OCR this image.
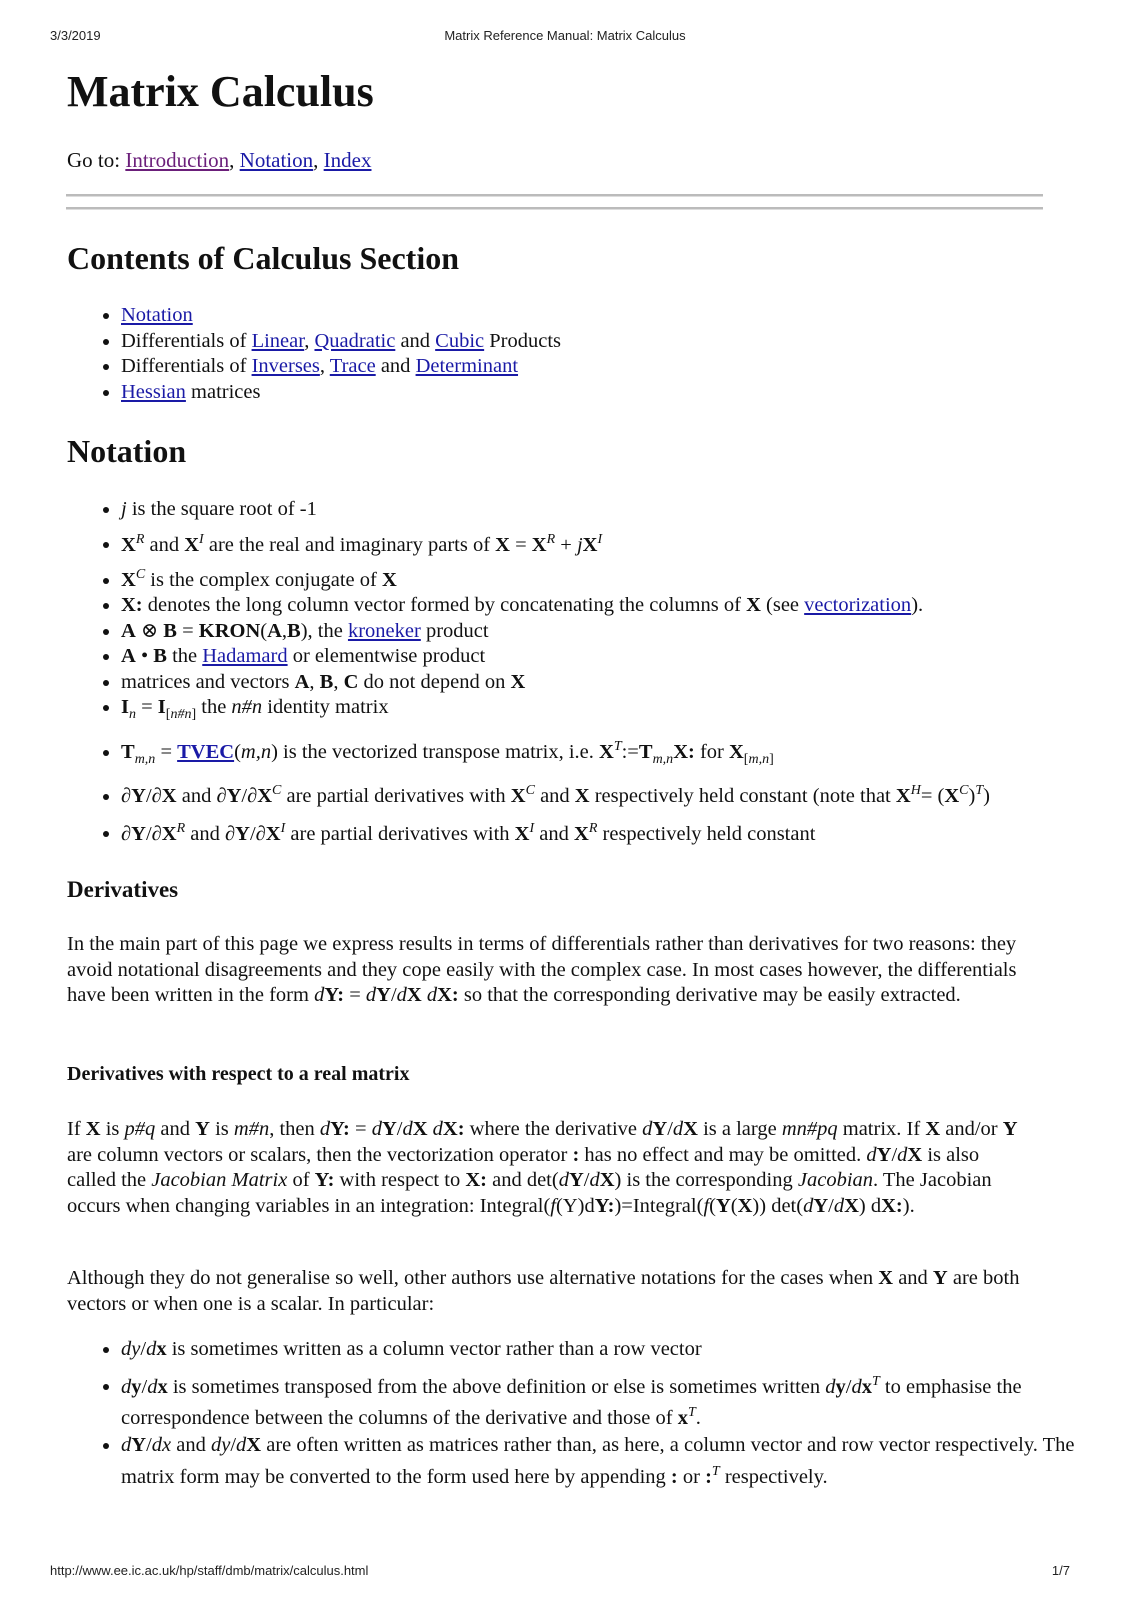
3/3/2019	Matrix Reference Manual: Matrix Calculus
Matrix Calculus

Go to: Introduction, Notation, Index

Contents of Calculus Section
• Notation
• Differentials of Linear, Quadratic and Cubic Products
• Differentials of Inverses, Trace and Determinant
• Hessian matrices
Notation
• j is the square root of -1
• $X^R$ and $X^I$ are the real and imaginary parts of $X = X^R + jX^I$
• $X^C$ is the complex conjugate of X
• X: denotes the long column vector formed by concatenating the columns of X (see vectorization).
• A ⊗ B = KRON(A,B), the kroneker product
• A • B the Hadamard or elementwise product
• matrices and vectors A, B, C do not depend on X
• $I_n = I_{[n\#n]}$ the n#n identity matrix
• $T_{m,n}$ = TVEC(m,n) is the vectorized transpose matrix, i.e. $X^T:=T_{m,n}X$: for $X_{[m,n]}$
• ∂Y/∂X and $\partial Y/\partial X^C$ are partial derivatives with $X^C$ and X respectively held constant (note that $X^H= (X^C)^T$)
• $\partial Y/\partial X^R$ and $\partial Y/\partial X^I$ are partial derivatives with $X^I$ and $X^R$ respectively held constant
Derivatives

In the main part of this page we express results in terms of differentials rather than derivatives for two reasons: they avoid notational disagreements and they cope easily with the complex case. In most cases however, the differentials have been written in the form dY: = dY/dX dX: so that the corresponding derivative may be easily extracted.

Derivatives with respect to a real matrix

If X is p#q and Y is m#n, then dY: = dY/dX dX: where the derivative dY/dX is a large mn#pq matrix. If X and/or Y are column vectors or scalars, then the vectorization operator : has no effect and may be omitted. dY/dX is also called the Jacobian Matrix of Y: with respect to X: and det(dY/dX) is the corresponding Jacobian. The Jacobian occurs when changing variables in an integration: Integral(f(Y)dY:)=Integral(f(Y(X)) det(dY/dX) dX:).

Although they do not generalise so well, other authors use alternative notations for the cases when X and Y are both vectors or when one is a scalar. In particular:

• dy/dx is sometimes written as a column vector rather than a row vector
• dy/dx is sometimes transposed from the above definition or else is sometimes written $dy/dx^T$ to emphasise the correspondence between the columns of the derivative and those of $x^T$.
• dY/dx and dy/dX are often written as matrices rather than, as here, a column vector and row vector respectively. The matrix form may be converted to the form used here by appending : or :$^T$ respectively.
http://www.ee.ic.ac.uk/hp/staff/dmb/matrix/calculus.html	1/7
